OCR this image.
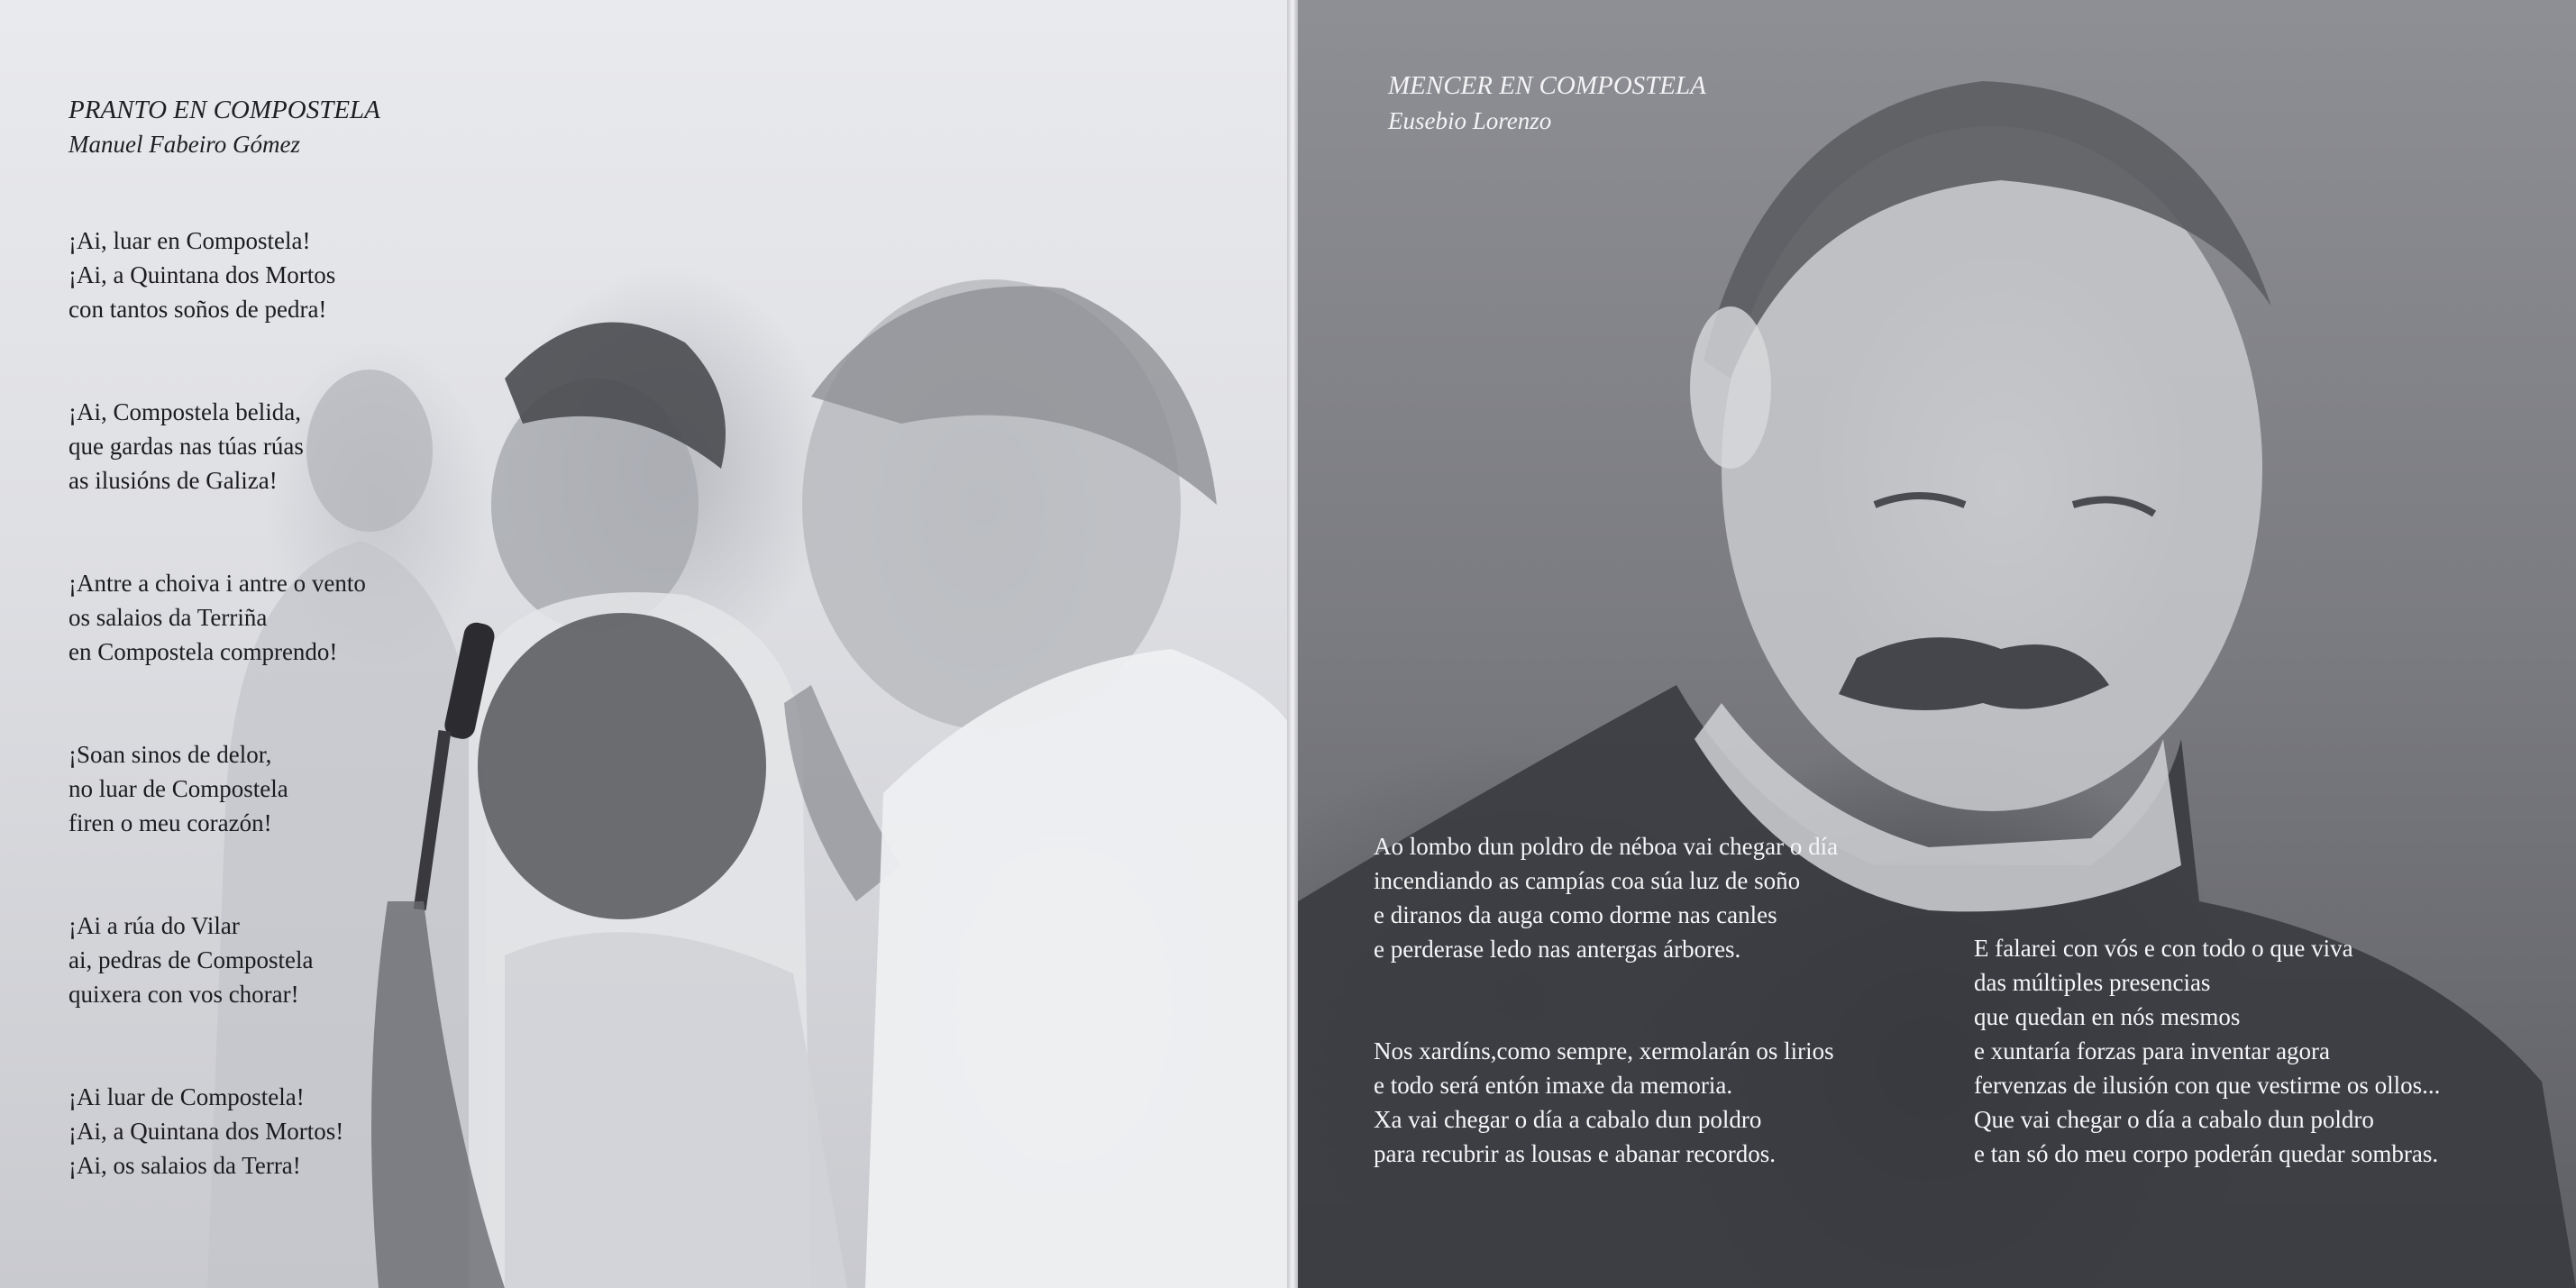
PRANTO EN COMPOSTELA
Manuel Fabeiro Gómez
¡Ai, luar en Compostela!
¡Ai, a Quintana dos Mortos
con tantos soños de pedra!
¡Ai, Compostela belida,
que gardas nas túas rúas
as ilusións de Galiza!
¡Antre a choiva i antre o vento
os salaios da Terriña
en Compostela comprendo!
¡Soan sinos de delor,
no luar de Compostela
firen o meu corazón!
¡Ai a rúa do Vilar
ai, pedras de Compostela
quixera con vos chorar!
¡Ai luar de Compostela!
¡Ai, a Quintana dos Mortos!
¡Ai, os salaios da Terra!
MENCER EN COMPOSTELA
Eusebio Lorenzo
Ao lombo dun poldro de néboa vai chegar o día
incendiando as campías coa súa luz de soño
e diranos da auga como dorme nas canles
e perderase ledo nas antergas árbores.
Nos xardíns,como sempre, xermolarán os lirios
e todo será entón imaxe da memoria.
Xa vai chegar o día a cabalo dun poldro
para recubrir as lousas e abanar recordos.
E falarei con vós e con todo o que viva
das múltiples presencias
que quedan en nós mesmos
e xuntaría forzas para inventar agora
fervenzas de ilusión con que vestirme os ollos...
Que vai chegar o día a cabalo dun poldro
e tan só do meu corpo poderán quedar sombras.
